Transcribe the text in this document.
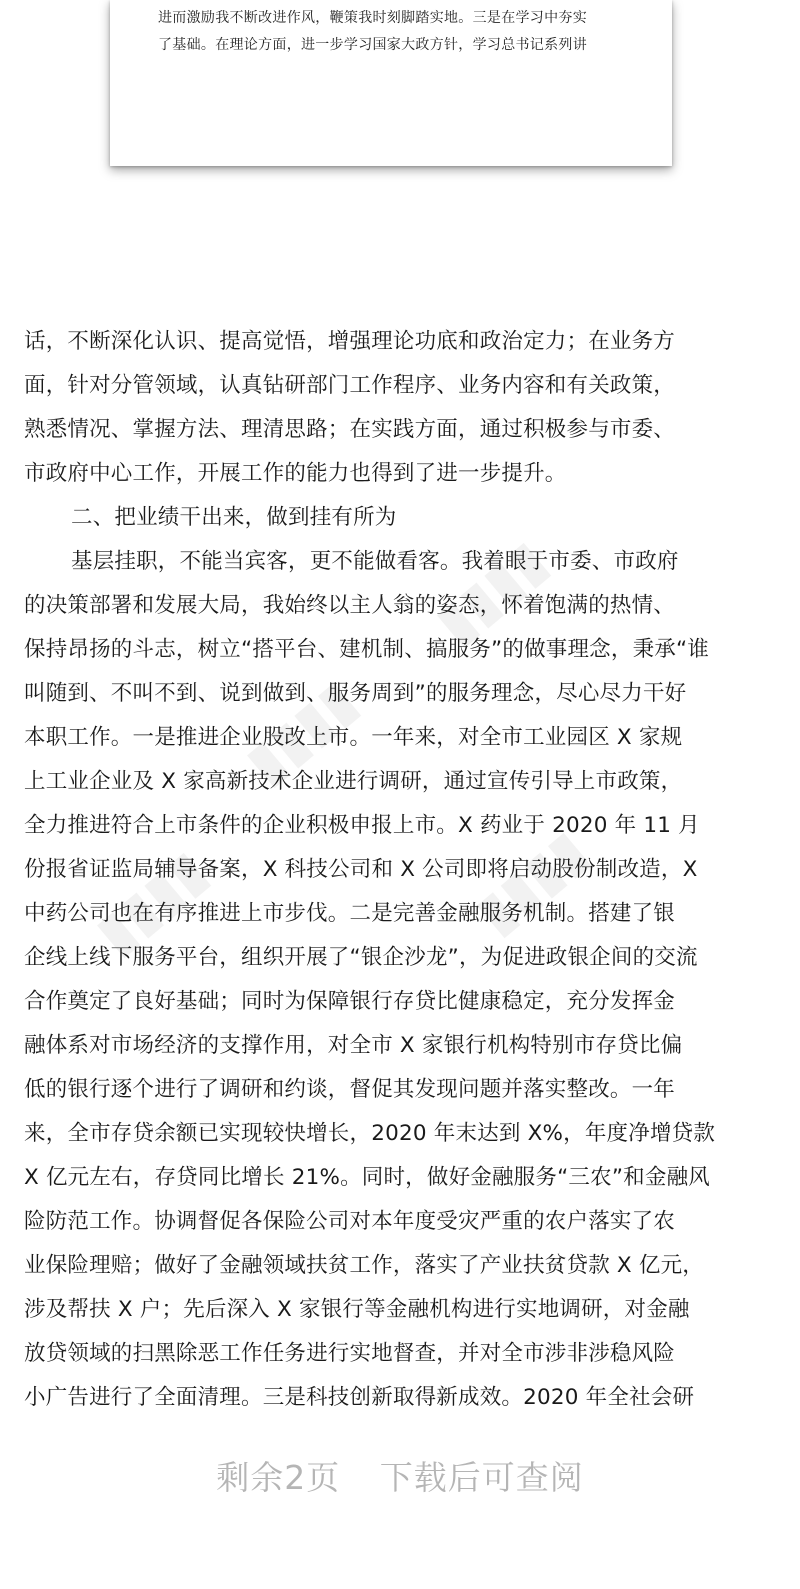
进而激励我不断改进作风，鞭策我时刻脚踏实地。三是在学习中夯实
了基础。在理论方面，进一步学习国家大政方针，学习总书记系列讲
▮▮▮▮
▮▮▮▮
▮▮▮▮	▮▮▮▮
话，不断深化认识、提高觉悟，增强理论功底和政治定力；在业务方
面，针对分管领域，认真钻研部门工作程序、业务内容和有关政策，
熟悉情况、掌握方法、理清思路；在实践方面，通过积极参与市委、
市政府中心工作，开展工作的能力也得到了进一步提升。
二、把业绩干出来，做到挂有所为
基层挂职，不能当宾客，更不能做看客。我着眼于市委、市政府
的决策部署和发展大局，我始终以主人翁的姿态，怀着饱满的热情、
保持昂扬的斗志，树立“搭平台、建机制、搞服务”的做事理念，秉承“谁
叫随到、不叫不到、说到做到、服务周到”的服务理念，尽心尽力干好
本职工作。一是推进企业股改上市。一年来，对全市工业园区 X 家规
上工业企业及 X 家高新技术企业进行调研，通过宣传引导上市政策，
全力推进符合上市条件的企业积极申报上市。X 药业于 2020 年 11 月
份报省证监局辅导备案，X 科技公司和 X 公司即将启动股份制改造，X
中药公司也在有序推进上市步伐。二是完善金融服务机制。搭建了银
企线上线下服务平台，组织开展了“银企沙龙”，为促进政银企间的交流
合作奠定了良好基础；同时为保障银行存贷比健康稳定，充分发挥金
融体系对市场经济的支撑作用，对全市 X 家银行机构特别市存贷比偏
低的银行逐个进行了调研和约谈，督促其发现问题并落实整改。一年
来，全市存贷余额已实现较快增长，2020 年末达到 X%，年度净增贷款
X 亿元左右，存贷同比增长 21%。同时，做好金融服务“三农”和金融风
险防范工作。协调督促各保险公司对本年度受灾严重的农户落实了农
业保险理赔；做好了金融领域扶贫工作，落实了产业扶贫贷款 X 亿元，
涉及帮扶 X 户；先后深入 X 家银行等金融机构进行实地调研，对金融
放贷领域的扫黑除恶工作任务进行实地督查，并对全市涉非涉稳风险
小广告进行了全面清理。三是科技创新取得新成效。2020 年全社会研
剩余2页 下载后可查阅
